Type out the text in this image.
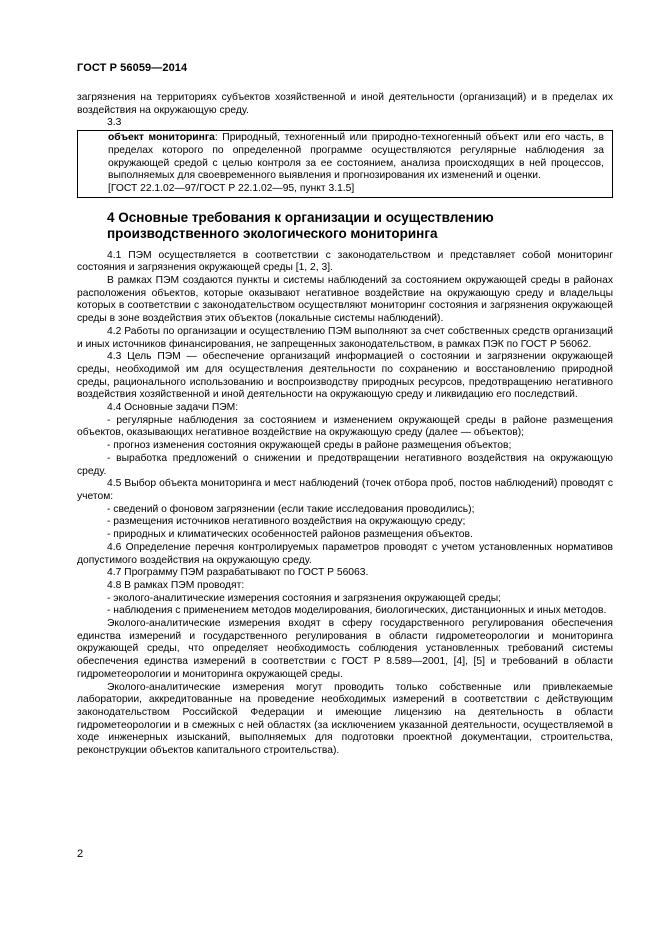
ГОСТ Р 56059—2014

загрязнения на территориях субъектов хозяйственной и иной деятельности (организаций) и в пределах их воздействия на окружающую среду.

3.3

объект мониторинга: Природный, техногенный или природно-техногенный объект или его часть, в пределах которого по определенной программе осуществляются регулярные наблюдения за окружающей средой с целью контроля за ее состоянием, анализа происходящих в ней процессов, выполняемых для своевременного выявления и прогнозирования их изменений и оценки.

[ГОСТ 22.1.02—97/ГОСТ Р 22.1.02—95, пункт 3.1.5]

4 Основные требования к организации и осуществлению производственного экологического мониторинга

4.1 ПЭМ осуществляется в соответствии с законодательством и представляет собой мониторинг состояния и загрязнения окружающей среды [1, 2, 3].

В рамках ПЭМ создаются пункты и системы наблюдений за состоянием окружающей среды в районах расположения объектов, которые оказывают негативное воздействие на окружающую среду и владельцы которых в соответствии с законодательством осуществляют мониторинг состояния и загрязнения окружающей среды в зоне воздействия этих объектов (локальные системы наблюдений).

4.2 Работы по организации и осуществлению ПЭМ выполняют за счет собственных средств организаций и иных источников финансирования, не запрещенных законодательством, в рамках ПЭК по ГОСТ Р 56062.

4.3 Цель ПЭМ — обеспечение организаций информацией о состоянии и загрязнении окружающей среды, необходимой им для осуществления деятельности по сохранению и восстановлению природной среды, рационального использованию и воспроизводству природных ресурсов, предотвращению негативного воздействия хозяйственной и иной деятельности на окружающую среду и ликвидацию его последствий.

4.4 Основные задачи ПЭМ:

- регулярные наблюдения за состоянием и изменением окружающей среды в районе размещения объектов, оказывающих негативное воздействие на окружающую среду (далее — объектов);

- прогноз изменения состояния окружающей среды в районе размещения объектов;

- выработка предложений о снижении и предотвращении негативного воздействия на окружающую среду.

4.5 Выбор объекта мониторинга и мест наблюдений (точек отбора проб, постов наблюдений) проводят с учетом:

- сведений о фоновом загрязнении (если такие исследования проводились);

- размещения источников негативного воздействия на окружающую среду;

- природных и климатических особенностей районов размещения объектов.

4.6 Определение перечня контролируемых параметров проводят с учетом установленных нормативов допустимого воздействия на окружающую среду.

4.7 Программу ПЭМ разрабатывают по ГОСТ Р 56063.

4.8 В рамках ПЭМ проводят:

- эколого-аналитические измерения состояния и загрязнения окружающей среды;

- наблюдения с применением методов моделирования, биологических, дистанционных и иных методов.

Эколого-аналитические измерения входят в сферу государственного регулирования обеспечения единства измерений и государственного регулирования в области гидрометеорологии и мониторинга окружающей среды, что определяет необходимость соблюдения установленных требований системы обеспечения единства измерений в соответствии с ГОСТ Р 8.589—2001, [4], [5] и требований в области гидрометеорологии и мониторинга окружающей среды.

Эколого-аналитические измерения могут проводить только собственные или привлекаемые лаборатории, аккредитованные на проведение необходимых измерений в соответствии с действующим законодательством Российской Федерации и имеющие лицензию на деятельность в области гидрометеорологии и в смежных с ней областях (за исключением указанной деятельности, осуществляемой в ходе инженерных изысканий, выполняемых для подготовки проектной документации, строительства, реконструкции объектов капитального строительства).

2
